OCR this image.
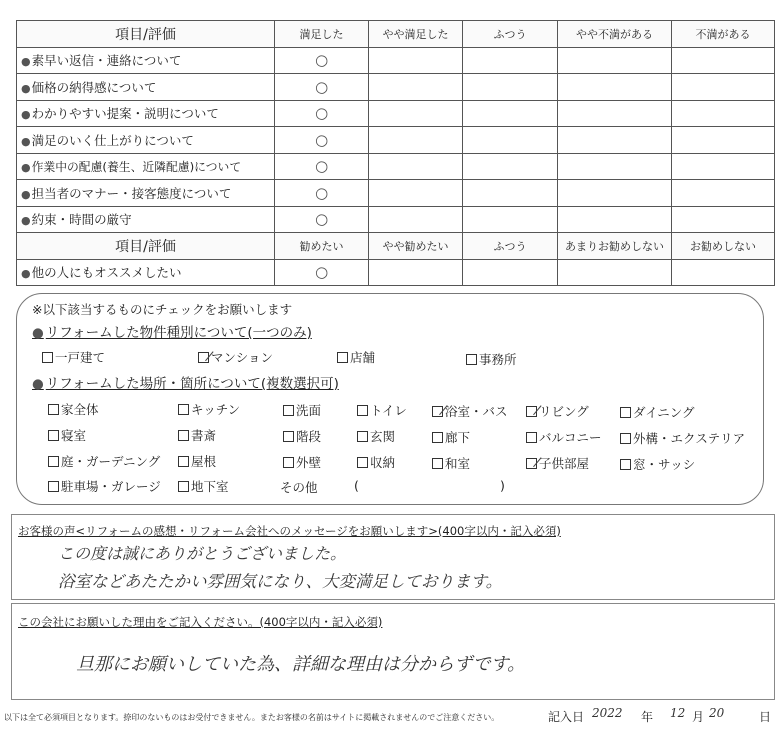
項目/評価	満足した	やや満足した	ふつう	やや不満がある	不満がある
●素早い返信・連絡について	○				
●価格の納得感について	○				
●わかりやすい提案・説明について	○				
●満足のいく仕上がりについて	○				
●作業中の配慮(養生、近隣配慮)について	○				
●担当者のマナー・接客態度について	○				
●約束・時間の厳守	○				
項目/評価	勧めたい	やや勧めたい	ふつう	あまりお勧めしない	お勧めしない
●他の人にもオススメしたい	○				
※以下該当するものにチェックをお願いします
● リフォームした物件種別について(一つのみ)
一戸建て	マンション	店舗	事務所
● リフォームした場所・箇所について(複数選択可)
家全体	キッチン	洗面	トイレ	浴室・バス	リビング	ダイニング
寝室	書斎	階段	玄関	廊下	バルコニー	外構・エクステリア
庭・ガーデニング	屋根	外壁	収納	和室	子供部屋	窓・サッシ
駐車場・ガレージ	地下室	その他	(	)
お客様の声<リフォームの感想・リフォーム会社へのメッセージをお願いします>(400字以内・記入必須)
この度は誠にありがとうございました。
浴室などあたたかい雰囲気になり、大変満足しております。
この会社にお願いした理由をご記入ください。(400字以内・記入必須)
旦那にお願いしていた為、詳細な理由は分からずです。
以下は全て必須項目となります。捺印のないものはお受付できません。またお客様の名前はサイトに掲載されませんのでご注意ください。	記入日 2022 年 12 月 20	日
